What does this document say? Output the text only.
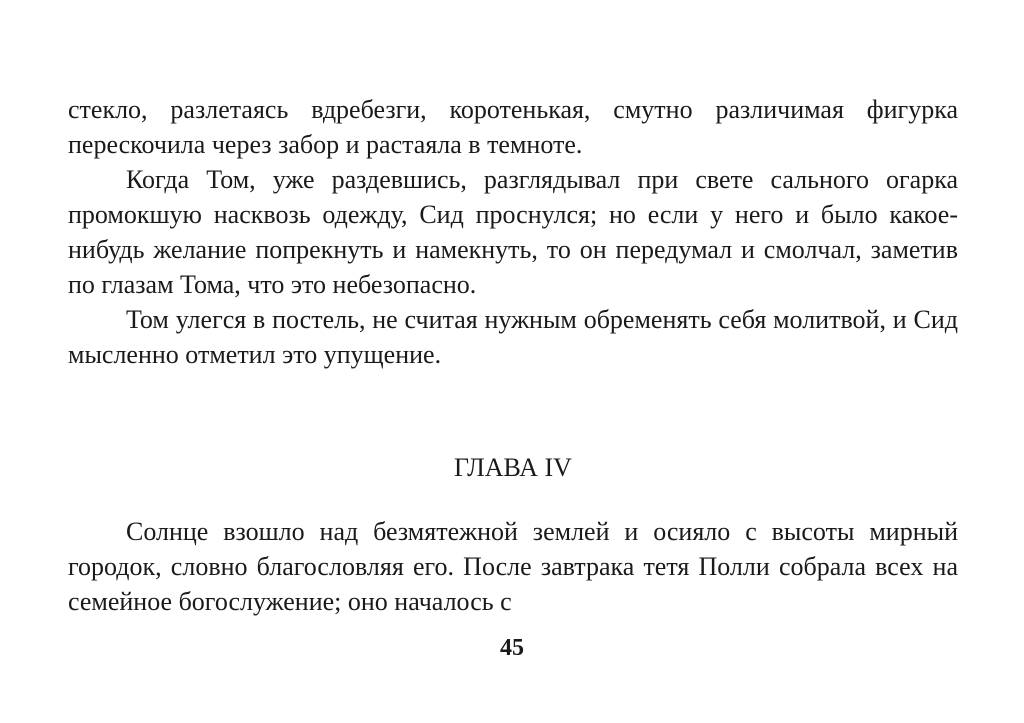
стекло, разлетаясь вдребезги, коротенькая, смутно различимая фигурка перескочила через забор и растаяла в темноте.

Когда Том, уже раздевшись, разглядывал при свете сального огарка промокшую насквозь одежду, Сид проснулся; но если у него и было какое-нибудь желание попрекнуть и намекнуть, то он передумал и смолчал, заметив по глазам Тома, что это небезопасно.

Том улегся в постель, не считая нужным обременять себя молитвой, и Сид мысленно отметил это упущение.

ГЛАВА IV

Солнце взошло над безмятежной землей и осияло с высоты мирный городок, словно благословляя его. После завтрака тетя Полли собрала всех на семейное богослужение; оно началось с

45
